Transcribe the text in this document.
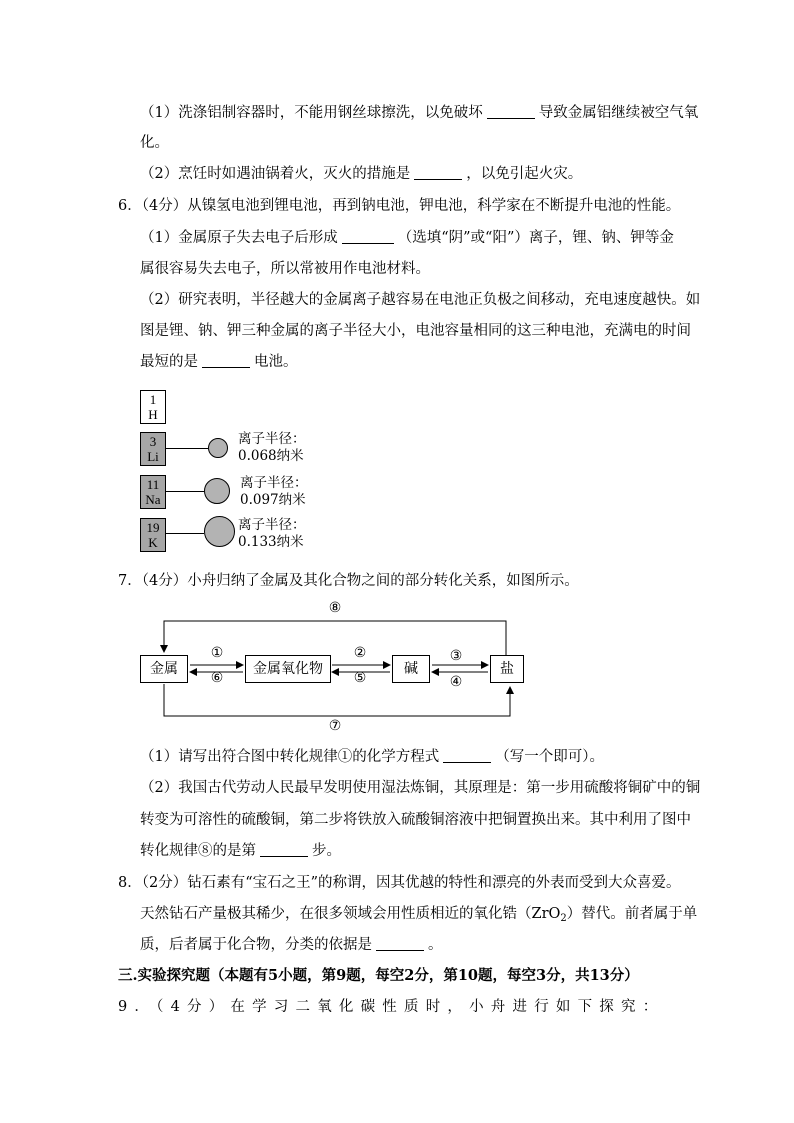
（1）洗涤铝制容器时，不能用钢丝球擦洗，以免破坏	导致金属铝继续被空气氧
化。
（2）烹饪时如遇油锅着火，灭火的措施是	，以免引起火灾。
6．（4分）从镍氢电池到锂电池，再到钠电池，钾电池，科学家在不断提升电池的性能。
（1）金属原子失去电子后形成	（选填“阴”或“阳”）离子，锂、钠、钾等金
属很容易失去电子，所以常被用作电池材料。
（2）研究表明，半径越大的金属离子越容易在电池正负极之间移动，充电速度越快。如
图是锂、钠、钾三种金属的离子半径大小，电池容量相同的这三种电池，充满电的时间
最短的是	电池。
1
H
3
Li
11
Na
19
K
离子半径：
0.068纳米
离子半径：
0.097纳米
离子半径：
0.133纳米
7．（4分）小舟归纳了金属及其化合物之间的部分转化关系，如图所示。
金属	金属氧化物	碱	盐
①
⑥
②
⑤
③
④
⑧
⑦
（1）请写出符合图中转化规律①的化学方程式	（写一个即可）。
（2）我国古代劳动人民最早发明使用湿法炼铜，其原理是：第一步用硫酸将铜矿中的铜
转变为可溶性的硫酸铜，第二步将铁放入硫酸铜溶液中把铜置换出来。其中利用了图中
转化规律⑧的是第	步。
8．（2分）钻石素有“宝石之王”的称谓，因其优越的特性和漂亮的外表而受到大众喜爱。
天然钻石产量极其稀少，在很多领域会用性质相近的氧化锆（ZrO$_2$）替代。前者属于单
质，后者属于化合物，分类的依据是	。
三.实验探究题（本题有5小题，第9题，每空2分，第10题，每空3分，共13分）
9．（4分）在学习二氧化碳性质时，小舟进行如下探究：
